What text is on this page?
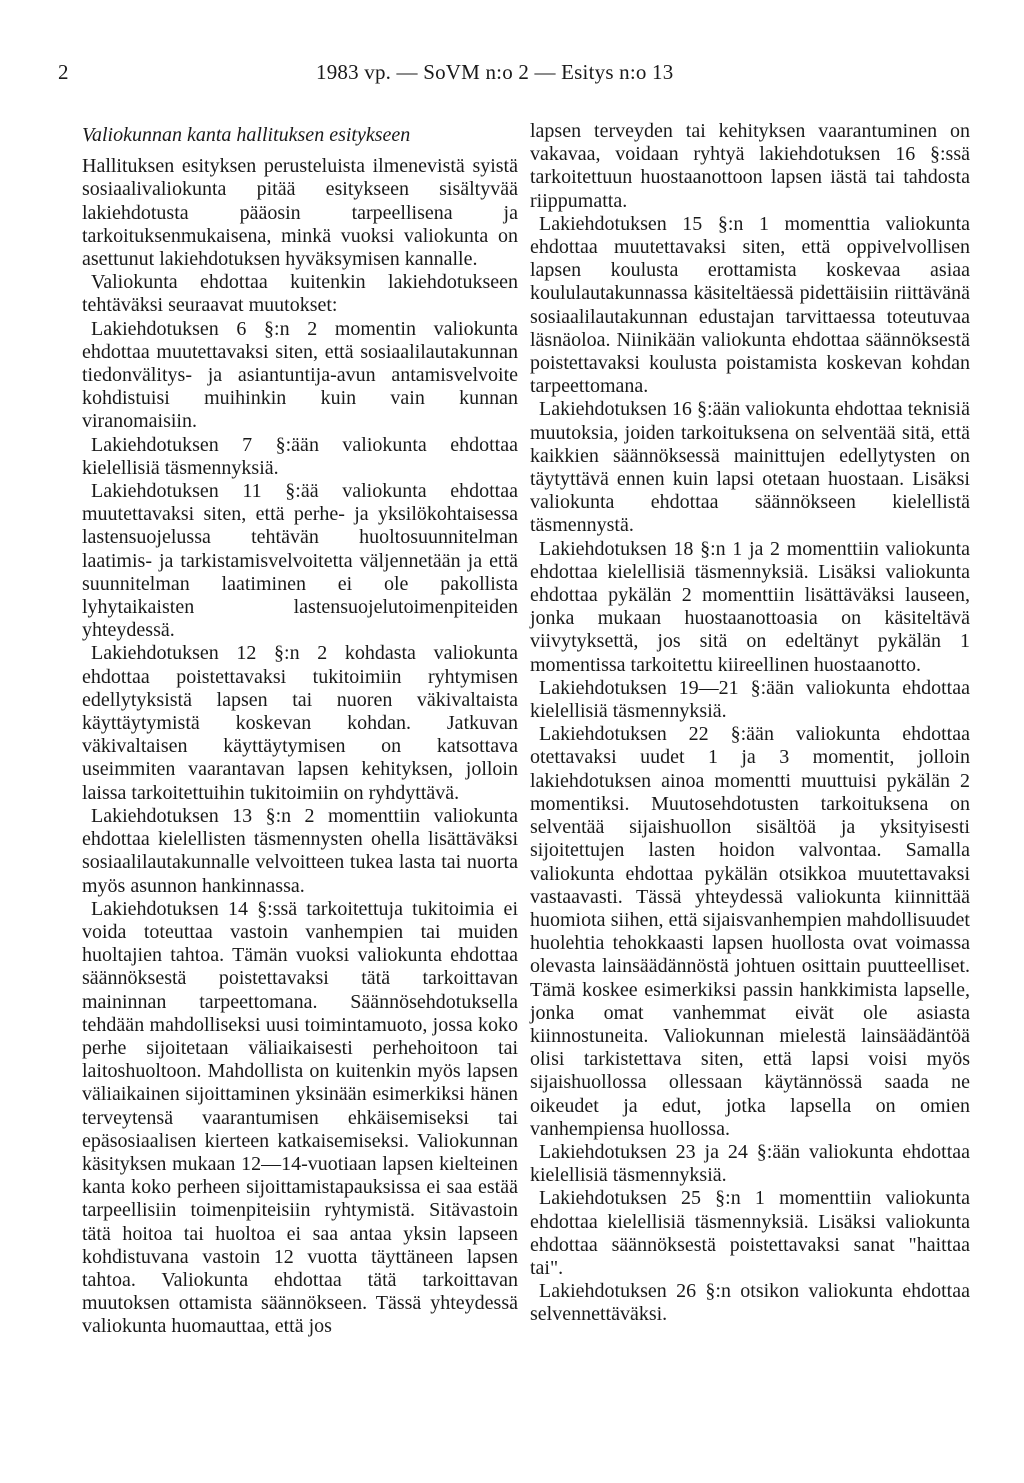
2	1983 vp. — SoVM n:o 2 — Esitys n:o 13
Valiokunnan kanta hallituksen esitykseen

Hallituksen esityksen perusteluista ilmenevistä syistä sosiaalivaliokunta pitää esitykseen sisältyvää lakiehdotusta pääosin tarpeellisena ja tarkoituksenmukaisena, minkä vuoksi valiokunta on asettunut lakiehdotuksen hyväksymisen kannalle.

Valiokunta ehdottaa kuitenkin lakiehdotukseen tehtäväksi seuraavat muutokset:

Lakiehdotuksen 6 §:n 2 momentin valiokunta ehdottaa muutettavaksi siten, että sosiaalilautakunnan tiedonvälitys- ja asiantuntija-avun antamisvelvoite kohdistuisi muihinkin kuin vain kunnan viranomaisiin.

Lakiehdotuksen 7 §:ään valiokunta ehdottaa kielellisiä täsmennyksiä.

Lakiehdotuksen 11 §:ää valiokunta ehdottaa muutettavaksi siten, että perhe- ja yksilökohtaisessa lastensuojelussa tehtävän huoltosuunnitelman laatimis- ja tarkistamisvelvoitetta väljennetään ja että suunnitelman laatiminen ei ole pakollista lyhytaikaisten lastensuojelutoimenpiteiden yhteydessä.

Lakiehdotuksen 12 §:n 2 kohdasta valiokunta ehdottaa poistettavaksi tukitoimiin ryhtymisen edellytyksistä lapsen tai nuoren väkivaltaista käyttäytymistä koskevan kohdan. Jatkuvan väkivaltaisen käyttäytymisen on katsottava useimmiten vaarantavan lapsen kehityksen, jolloin laissa tarkoitettuihin tukitoimiin on ryhdyttävä.

Lakiehdotuksen 13 §:n 2 momenttiin valiokunta ehdottaa kielellisten täsmennysten ohella lisättäväksi sosiaalilautakunnalle velvoitteen tukea lasta tai nuorta myös asunnon hankinnassa.

Lakiehdotuksen 14 §:ssä tarkoitettuja tukitoimia ei voida toteuttaa vastoin vanhempien tai muiden huoltajien tahtoa. Tämän vuoksi valiokunta ehdottaa säännöksestä poistettavaksi tätä tarkoittavan maininnan tarpeettomana. Säännösehdotuksella tehdään mahdolliseksi uusi toimintamuoto, jossa koko perhe sijoitetaan väliaikaisesti perhehoitoon tai laitoshuoltoon. Mahdollista on kuitenkin myös lapsen väliaikainen sijoittaminen yksinään esimerkiksi hänen terveytensä vaarantumisen ehkäisemiseksi tai epäsosiaalisen kierteen katkaisemiseksi. Valiokunnan käsityksen mukaan 12—14-vuotiaan lapsen kielteinen kanta koko perheen sijoittamistapauksissa ei saa estää tarpeellisiin toimenpiteisiin ryhtymistä. Sitävastoin tätä hoitoa tai huoltoa ei saa antaa yksin lapseen kohdistuvana vastoin 12 vuotta täyttäneen lapsen tahtoa. Valiokunta ehdottaa tätä tarkoittavan muutoksen ottamista säännökseen. Tässä yhteydessä valiokunta huomauttaa, että jos

lapsen terveyden tai kehityksen vaarantuminen on vakavaa, voidaan ryhtyä lakiehdotuksen 16 §:ssä tarkoitettuun huostaanottoon lapsen iästä tai tahdosta riippumatta.

Lakiehdotuksen 15 §:n 1 momenttia valiokunta ehdottaa muutettavaksi siten, että oppivelvollisen lapsen koulusta erottamista koskevaa asiaa koululautakunnassa käsiteltäessä pidettäisiin riittävänä sosiaalilautakunnan edustajan tarvittaessa toteutuvaa läsnäoloa. Niinikään valiokunta ehdottaa säännöksestä poistettavaksi koulusta poistamista koskevan kohdan tarpeettomana.

Lakiehdotuksen 16 §:ään valiokunta ehdottaa teknisiä muutoksia, joiden tarkoituksena on selventää sitä, että kaikkien säännöksessä mainittujen edellytysten on täytyttävä ennen kuin lapsi otetaan huostaan. Lisäksi valiokunta ehdottaa säännökseen kielellistä täsmennystä.

Lakiehdotuksen 18 §:n 1 ja 2 momenttiin valiokunta ehdottaa kielellisiä täsmennyksiä. Lisäksi valiokunta ehdottaa pykälän 2 momenttiin lisättäväksi lauseen, jonka mukaan huostaanottoasia on käsiteltävä viivytyksettä, jos sitä on edeltänyt pykälän 1 momentissa tarkoitettu kiireellinen huostaanotto.

Lakiehdotuksen 19—21 §:ään valiokunta ehdottaa kielellisiä täsmennyksiä.

Lakiehdotuksen 22 §:ään valiokunta ehdottaa otettavaksi uudet 1 ja 3 momentit, jolloin lakiehdotuksen ainoa momentti muuttuisi pykälän 2 momentiksi. Muutosehdotusten tarkoituksena on selventää sijaishuollon sisältöä ja yksityisesti sijoitettujen lasten hoidon valvontaa. Samalla valiokunta ehdottaa pykälän otsikkoa muutettavaksi vastaavasti. Tässä yhteydessä valiokunta kiinnittää huomiota siihen, että sijaisvanhempien mahdollisuudet huolehtia tehokkaasti lapsen huollosta ovat voimassa olevasta lainsäädännöstä johtuen osittain puutteelliset. Tämä koskee esimerkiksi passin hankkimista lapselle, jonka omat vanhemmat eivät ole asiasta kiinnostuneita. Valiokunnan mielestä lainsäädäntöä olisi tarkistettava siten, että lapsi voisi myös sijaishuollossa ollessaan käytännössä saada ne oikeudet ja edut, jotka lapsella on omien vanhempiensa huollossa.

Lakiehdotuksen 23 ja 24 §:ään valiokunta ehdottaa kielellisiä täsmennyksiä.

Lakiehdotuksen 25 §:n 1 momenttiin valiokunta ehdottaa kielellisiä täsmennyksiä. Lisäksi valiokunta ehdottaa säännöksestä poistettavaksi sanat "haittaa tai".

Lakiehdotuksen 26 §:n otsikon valiokunta ehdottaa selvennettäväksi.
